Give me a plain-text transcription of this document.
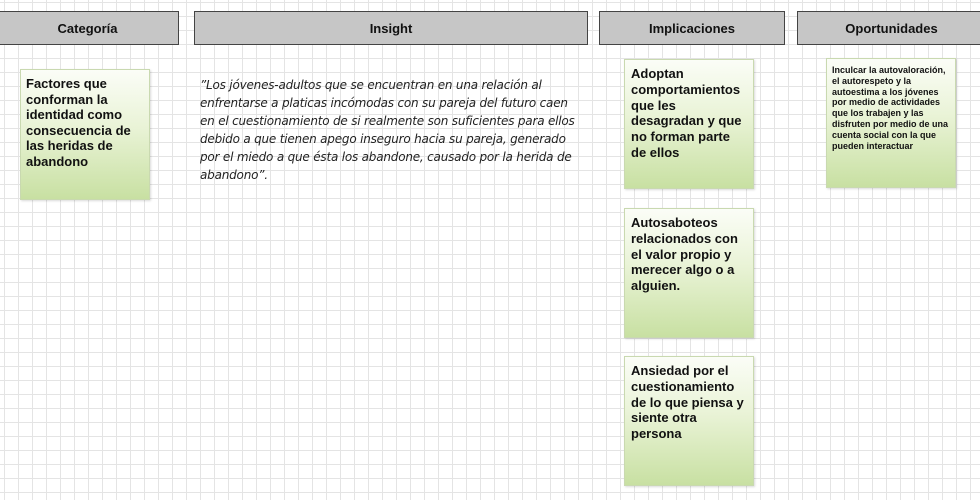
Categoría	Insight	Implicaciones	Oportunidades
Factores que conforman la identidad como consecuencia de las heridas de abandono
”Los jóvenes-adultos que se encuentran en una relación al enfrentarse a platicas incómodas con su pareja del futuro caen en el cuestionamiento de si realmente son suficientes para ellos debido a que tienen apego inseguro hacia su pareja, generado por el miedo a que ésta los abandone, causado por la herida de abandono”.
Adoptan comportamientos que les desagradan y que no forman parte de ellos
Autosaboteos relacionados con el valor propio y merecer algo o a alguien.
Ansiedad por el cuestionamiento de lo que piensa y siente otra persona
Inculcar la autovaloración, el autorespeto y la autoestima a los jóvenes por medio de actividades que los trabajen y las disfruten por medio de una cuenta social con la que pueden interactuar
